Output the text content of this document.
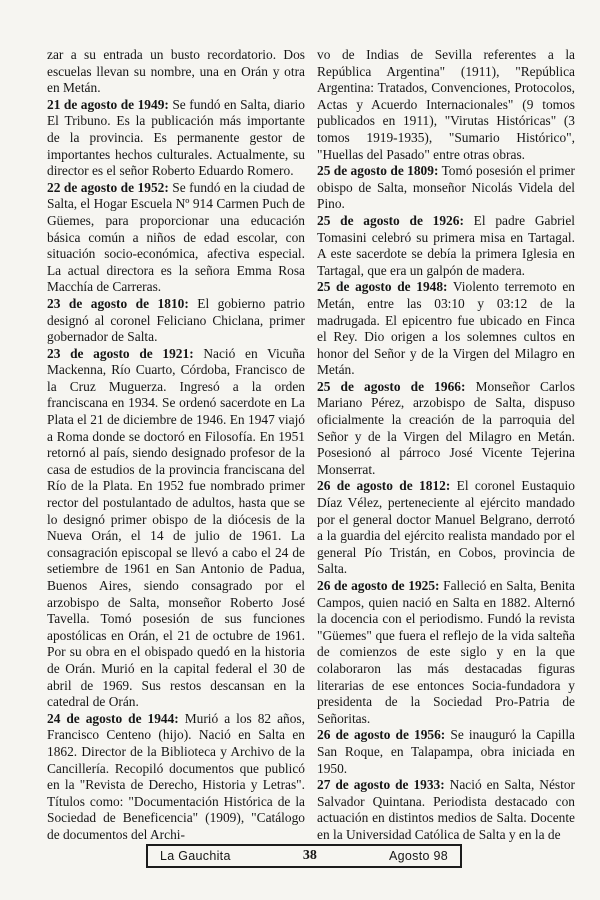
zar a su entrada un busto recordatorio. Dos escuelas llevan su nombre, una en Orán y otra en Metán.

21 de agosto de 1949: Se fundó en Salta, diario El Tribuno. Es la publicación más importante de la provincia. Es permanente gestor de importantes hechos culturales. Actualmente, su director es el señor Roberto Eduardo Romero.

22 de agosto de 1952: Se fundó en la ciudad de Salta, el Hogar Escuela Nº 914 Carmen Puch de Güemes, para proporcionar una educación básica común a niños de edad escolar, con situación socio-económica, afectiva especial. La actual directora es la señora Emma Rosa Macchía de Carreras.

23 de agosto de 1810: El gobierno patrio designó al coronel Feliciano Chiclana, primer gobernador de Salta.

23 de agosto de 1921: Nació en Vicuña Mackenna, Río Cuarto, Córdoba, Francisco de la Cruz Muguerza. Ingresó a la orden franciscana en 1934. Se ordenó sacerdote en La Plata el 21 de diciembre de 1946. En 1947 viajó a Roma donde se doctoró en Filosofía. En 1951 retornó al país, siendo designado profesor de la casa de estudios de la provincia franciscana del Río de la Plata. En 1952 fue nombrado primer rector del postulantado de adultos, hasta que se lo designó primer obispo de la diócesis de la Nueva Orán, el 14 de julio de 1961. La consagración episcopal se llevó a cabo el 24 de setiembre de 1961 en San Antonio de Padua, Buenos Aires, siendo consagrado por el arzobispo de Salta, monseñor Roberto José Tavella. Tomó posesión de sus funciones apostólicas en Orán, el 21 de octubre de 1961. Por su obra en el obispado quedó en la historia de Orán. Murió en la capital federal el 30 de abril de 1969. Sus restos descansan en la catedral de Orán.

24 de agosto de 1944: Murió a los 82 años, Francisco Centeno (hijo). Nació en Salta en 1862. Director de la Biblioteca y Archivo de la Cancillería. Recopiló documentos que publicó en la "Revista de Derecho, Historia y Letras". Títulos como: "Documentación Histórica de la Sociedad de Beneficencia" (1909), "Catálogo de documentos del Archi-

vo de Indias de Sevilla referentes a la República Argentina" (1911), "República Argentina: Tratados, Convenciones, Protocolos, Actas y Acuerdo Internacionales" (9 tomos publicados en 1911), "Virutas Históricas" (3 tomos 1919-1935), "Sumario Histórico", "Huellas del Pasado" entre otras obras.

25 de agosto de 1809: Tomó posesión el primer obispo de Salta, monseñor Nicolás Videla del Pino.

25 de agosto de 1926: El padre Gabriel Tomasini celebró su primera misa en Tartagal. A este sacerdote se debía la primera Iglesia en Tartagal, que era un galpón de madera.

25 de agosto de 1948: Violento terremoto en Metán, entre las 03:10 y 03:12 de la madrugada. El epicentro fue ubicado en Finca el Rey. Dio origen a los solemnes cultos en honor del Señor y de la Virgen del Milagro en Metán.

25 de agosto de 1966: Monseñor Carlos Mariano Pérez, arzobispo de Salta, dispuso oficialmente la creación de la parroquia del Señor y de la Virgen del Milagro en Metán. Posesionó al párroco José Vicente Tejerina Monserrat.

26 de agosto de 1812: El coronel Eustaquio Díaz Vélez, perteneciente al ejército mandado por el general doctor Manuel Belgrano, derrotó a la guardia del ejército realista mandado por el general Pío Tristán, en Cobos, provincia de Salta.

26 de agosto de 1925: Falleció en Salta, Benita Campos, quien nació en Salta en 1882. Alternó la docencia con el periodismo. Fundó la revista "Güemes" que fuera el reflejo de la vida salteña de comienzos de este siglo y en la que colaboraron las más destacadas figuras literarias de ese entonces Socia-fundadora y presidenta de la Sociedad Pro-Patria de Señoritas.

26 de agosto de 1956: Se inauguró la Capilla San Roque, en Talapampa, obra iniciada en 1950.

27 de agosto de 1933: Nació en Salta, Néstor Salvador Quintana. Periodista destacado con actuación en distintos medios de Salta. Docente en la Universidad Católica de Salta y en la de

La Gauchita	38	Agosto 98
